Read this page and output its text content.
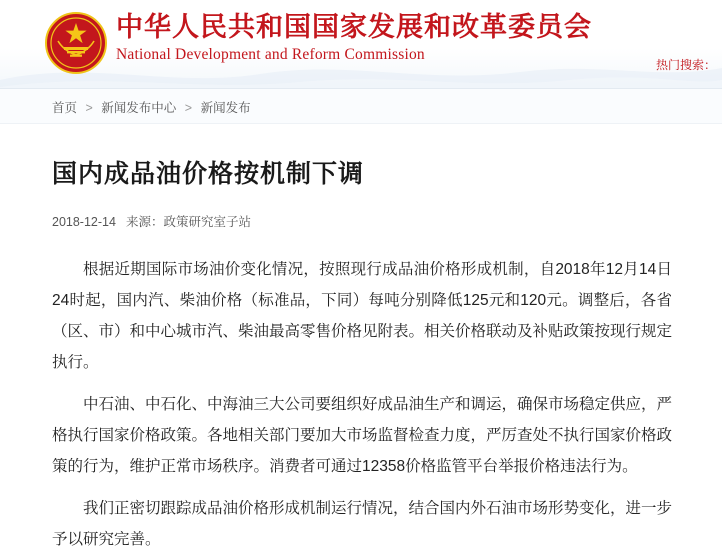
中华人民共和国国家发展和改革委员会
National Development and Reform Commission
热门搜索：
首页 > 新闻发布中心 > 新闻发布
国内成品油价格按机制下调
2018-12-14 来源：政策研究室子站

根据近期国际市场油价变化情况，按照现行成品油价格形成机制，自2018年12月14日24时起，国内汽、柴油价格（标准品，下同）每吨分别降低125元和120元。调整后，各省（区、市）和中心城市汽、柴油最高零售价格见附表。相关价格联动及补贴政策按现行规定执行。

中石油、中石化、中海油三大公司要组织好成品油生产和调运，确保市场稳定供应，严格执行国家价格政策。各地相关部门要加大市场监督检查力度，严厉查处不执行国家价格政策的行为，维护正常市场秩序。消费者可通过12358价格监管平台举报价格违法行为。

我们正密切跟踪成品油价格形成机制运行情况，结合国内外石油市场形势变化，进一步予以研究完善。
